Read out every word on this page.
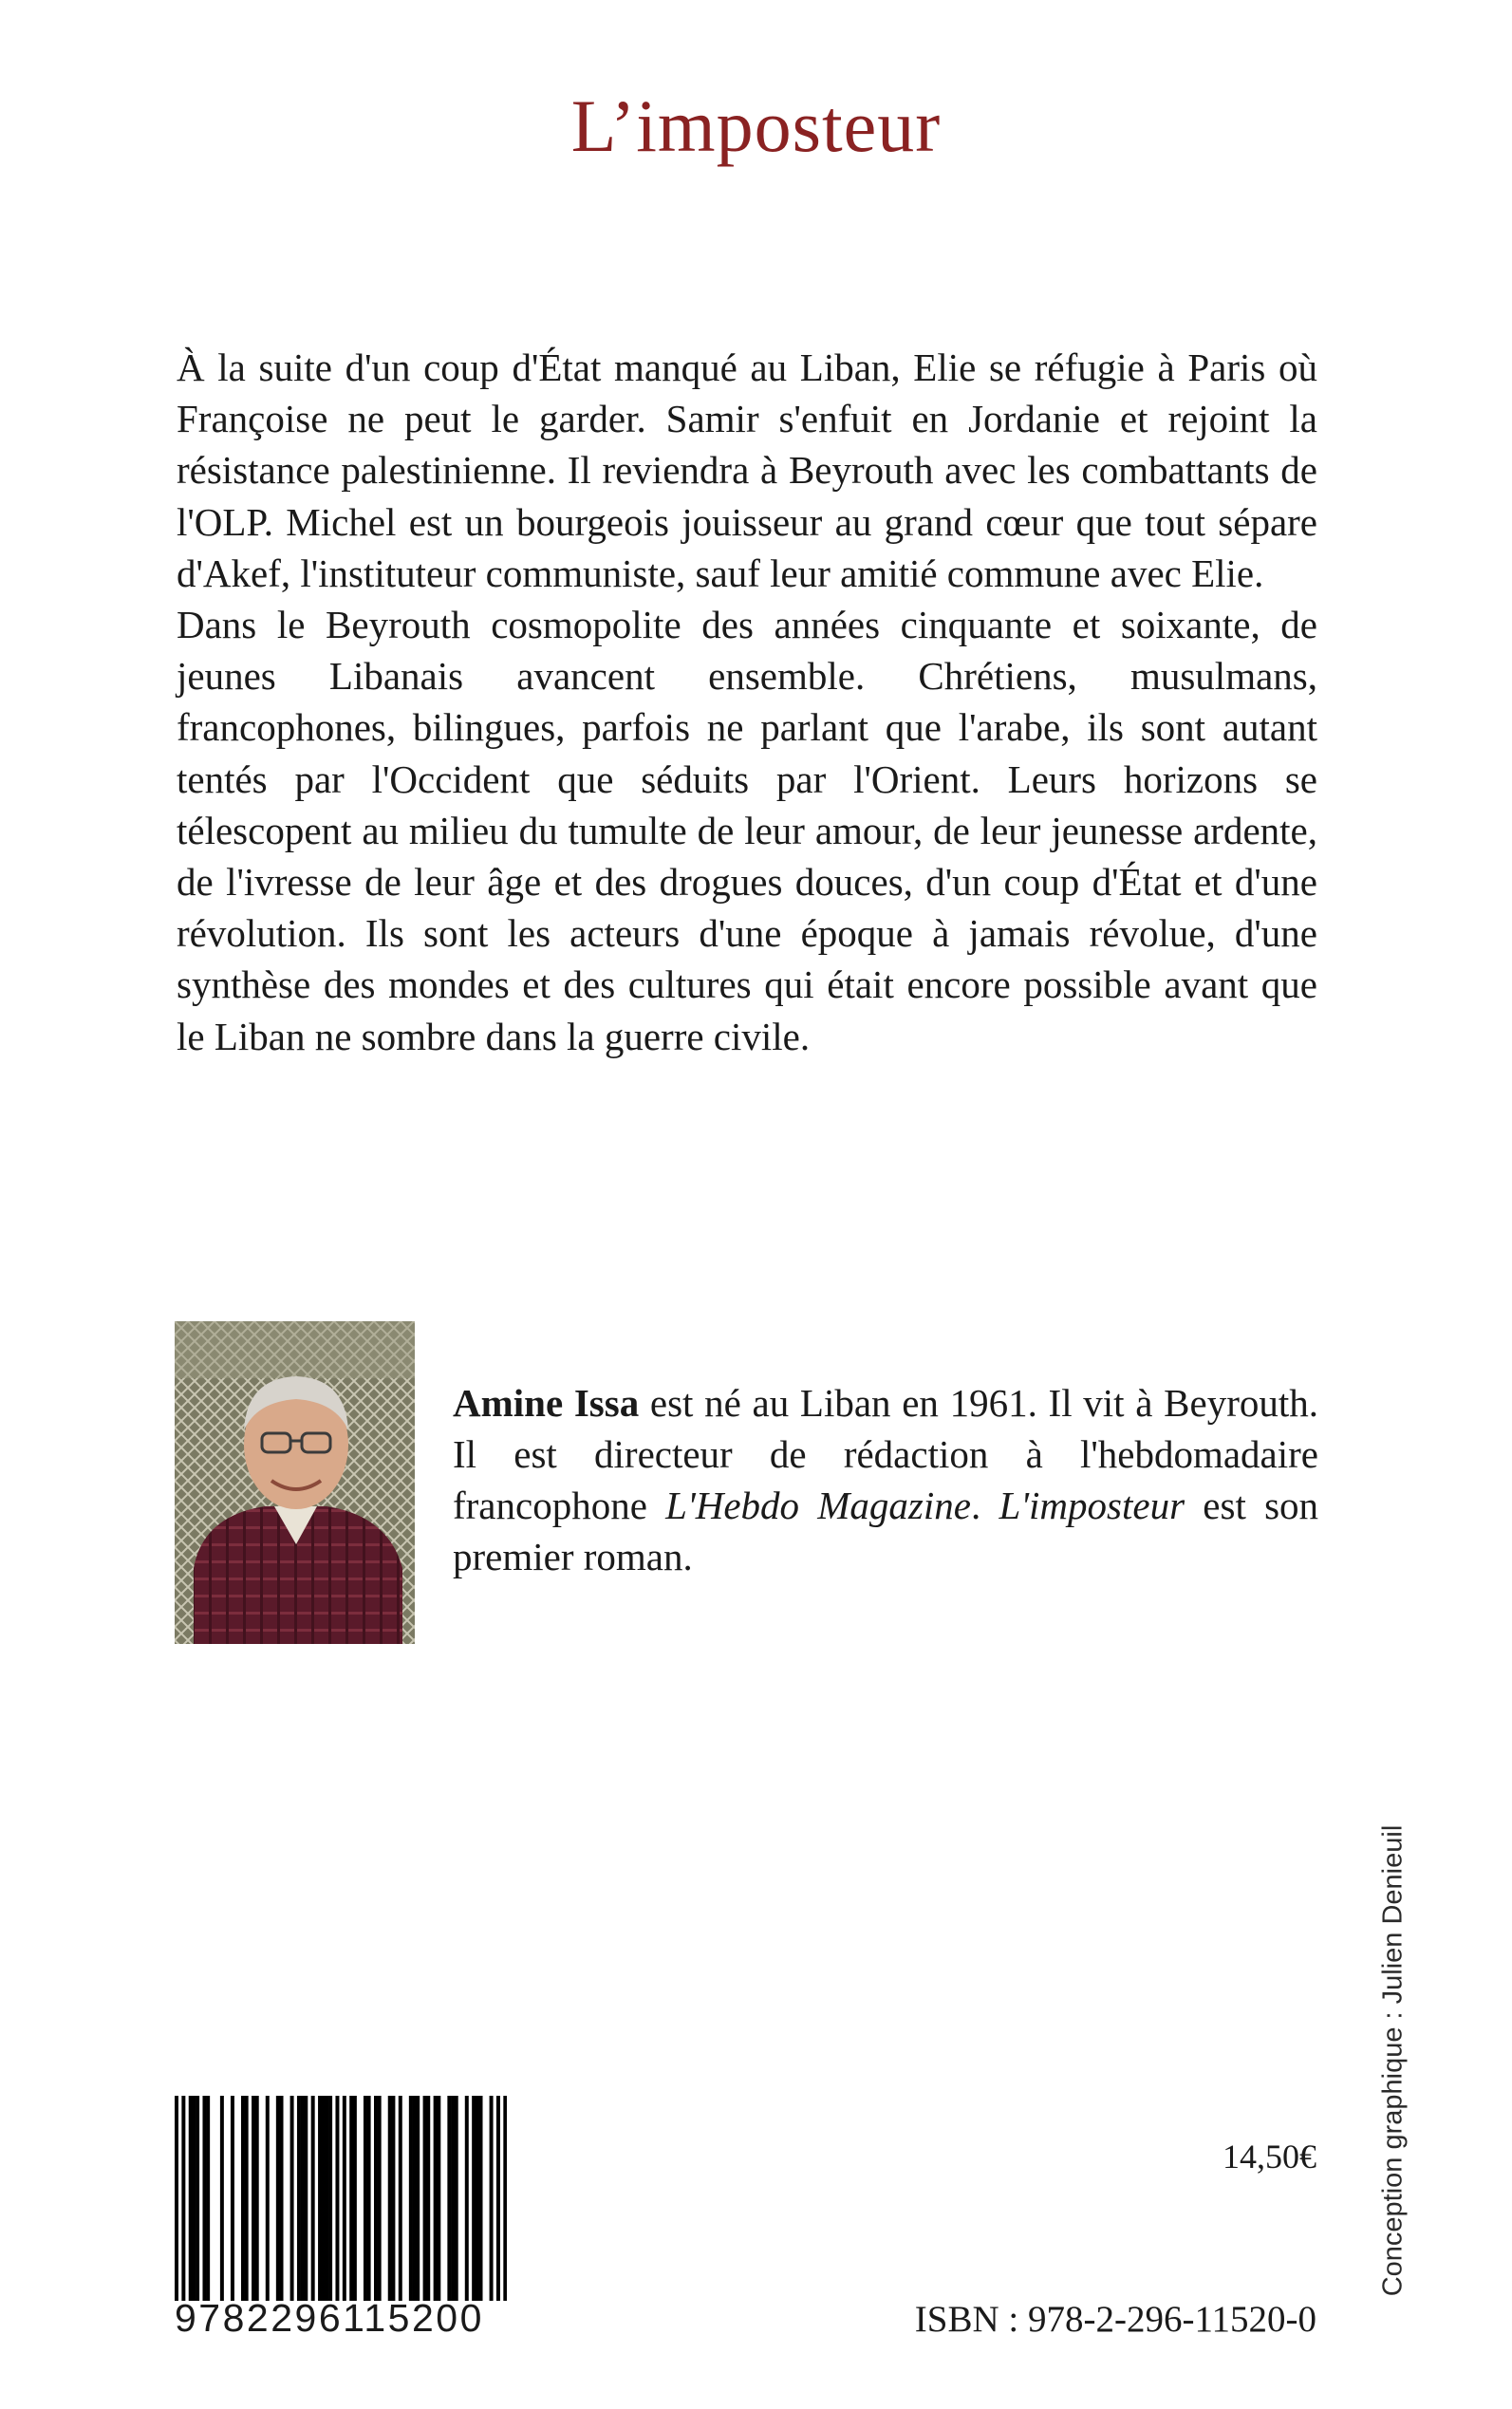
L’imposteur

À la suite d'un coup d'État manqué au Liban, Elie se réfugie à Paris où Françoise ne peut le garder. Samir s'enfuit en Jordanie et rejoint la résistance palestinienne. Il reviendra à Beyrouth avec les combattants de l'OLP. Michel est un bourgeois jouisseur au grand cœur que tout sépare d'Akef, l'instituteur communiste, sauf leur amitié commune avec Elie.

Dans le Beyrouth cosmopolite des années cinquante et soixante, de jeunes Libanais avancent ensemble. Chrétiens, musulmans, francophones, bilingues, parfois ne parlant que l'arabe, ils sont autant tentés par l'Occident que séduits par l'Orient. Leurs horizons se télescopent au milieu du tumulte de leur amour, de leur jeunesse ardente, de l'ivresse de leur âge et des drogues douces, d'un coup d'État et d'une révolution. Ils sont les acteurs d'une époque à jamais révolue, d'une synthèse des mondes et des cultures qui était encore possible avant que le Liban ne sombre dans la guerre civile.

Amine Issa est né au Liban en 1961. Il vit à Beyrouth. Il est directeur de rédaction à l'hebdomadaire francophone L'Hebdo Magazine. L'imposteur est son premier roman.

Conception graphique : Julien Denieuil
9782296115200
14,50€
ISBN : 978-2-296-11520-0
